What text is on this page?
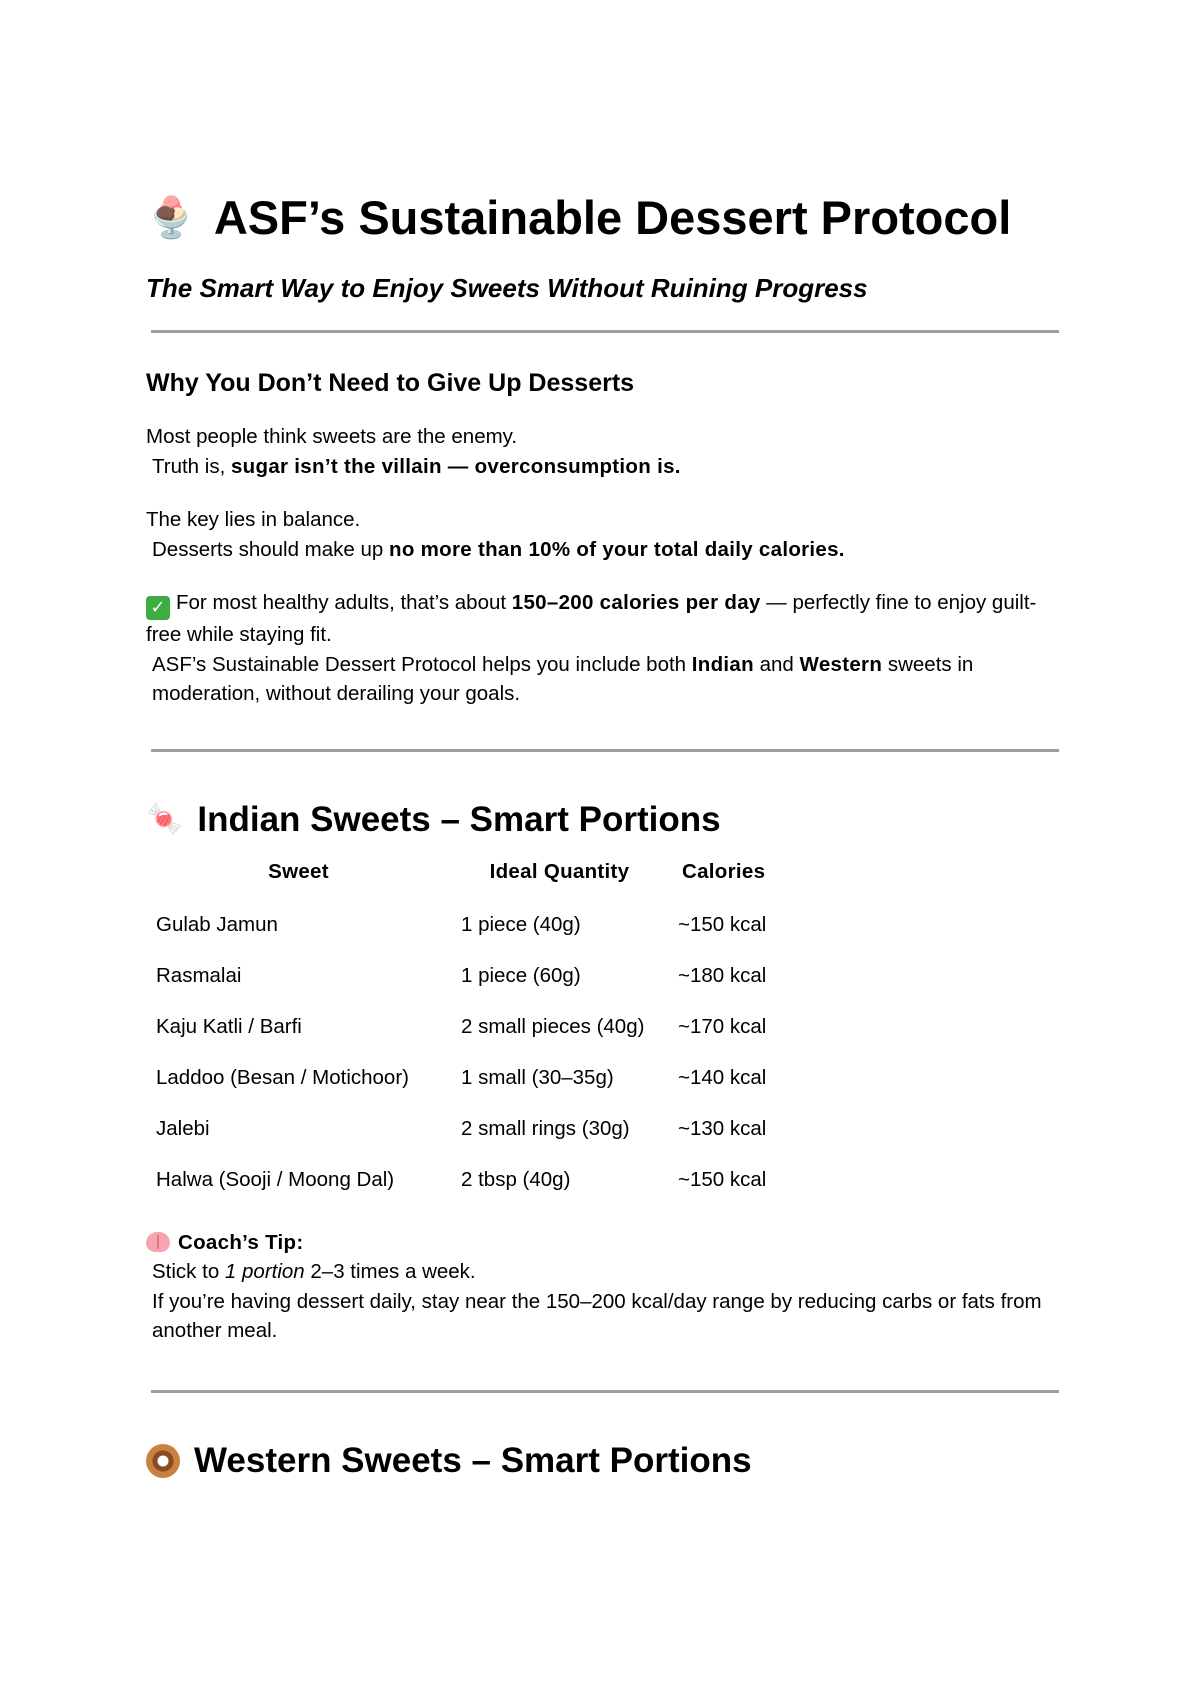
🍨 ASF’s Sustainable Dessert Protocol
The Smart Way to Enjoy Sweets Without Ruining Progress
Why You Don’t Need to Give Up Desserts

Most people think sweets are the enemy.
Truth is, sugar isn’t the villain — overconsumption is.

The key lies in balance.
Desserts should make up no more than 10% of your total daily calories.

✓ For most healthy adults, that’s about 150–200 calories per day — perfectly fine to enjoy guilt-free while staying fit.
ASF’s Sustainable Dessert Protocol helps you include both Indian and Western sweets in moderation, without derailing your goals.

🍬 Indian Sweets – Smart Portions
Sweet	Ideal Quantity	Calories
Gulab Jamun	1 piece (40g)	~150 kcal
Rasmalai	1 piece (60g)	~180 kcal
Kaju Katli / Barfi	2 small pieces (40g)	~170 kcal
Laddoo (Besan / Motichoor)	1 small (30–35g)	~140 kcal
Jalebi	2 small rings (30g)	~130 kcal
Halwa (Sooji / Moong Dal)	2 tbsp (40g)	~150 kcal

Coach’s Tip:
Stick to 1 portion 2–3 times a week.
If you’re having dessert daily, stay near the 150–200 kcal/day range by reducing carbs or fats from another meal.

Western Sweets – Smart Portions
